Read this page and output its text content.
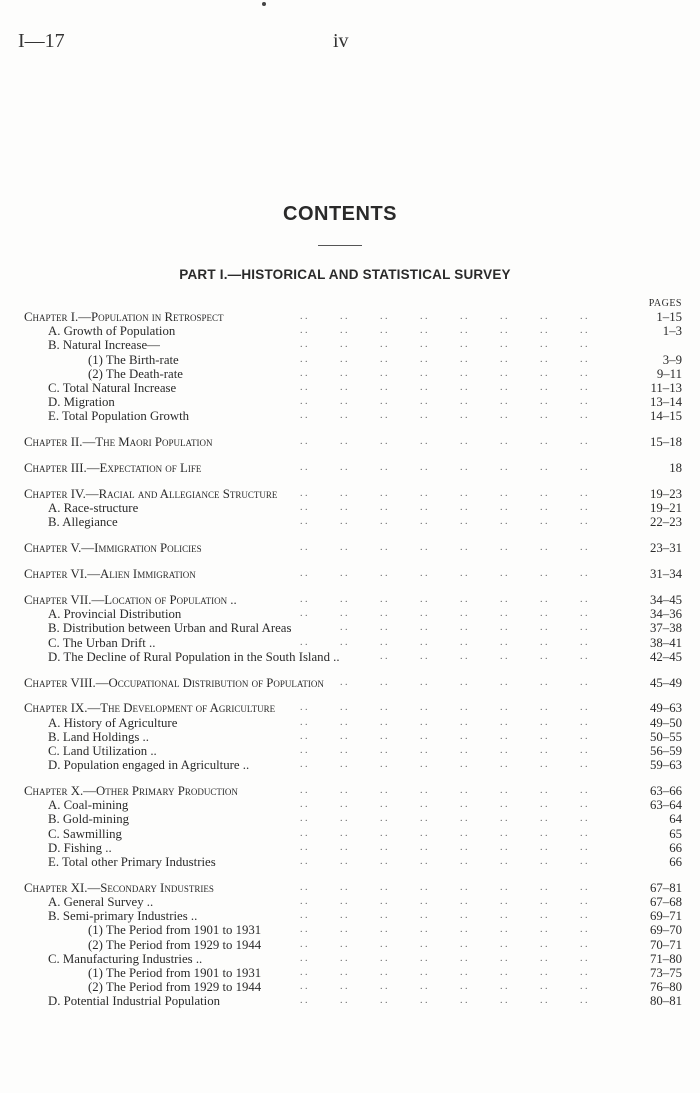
I—17	iv
CONTENTS
PART I.—HISTORICAL AND STATISTICAL SURVEY
PAGES
Chapter I.—Population in Retrospect	1–15
. .	. .	. .	. .	. .	. .	. .	. .
A. Growth of Population	1–3
. .	. .	. .	. .	. .	. .	. .	. .
B. Natural Increase—	. .	. .	. .	. .	. .	. .	. .	. .
(1) The Birth-rate	3–9
. .	. .	. .	. .	. .	. .	. .	. .
(2) The Death-rate	9–11
. .	. .	. .	. .	. .	. .	. .	. .
C. Total Natural Increase	11–13
. .	. .	. .	. .	. .	. .	. .	. .
D. Migration	13–14
. .	. .	. .	. .	. .	. .	. .	. .
E. Total Population Growth	14–15
. .	. .	. .	. .	. .	. .	. .	. .
Chapter II.—The Maori Population	15–18
. .	. .	. .	. .	. .	. .	. .	. .
Chapter III.—Expectation of Life	18
. .	. .	. .	. .	. .	. .	. .	. .
Chapter IV.—Racial and Allegiance Structure	19–23
. .	. .	. .	. .	. .	. .	. .	. .
A. Race-structure	19–21
. .	. .	. .	. .	. .	. .	. .	. .
B. Allegiance	22–23
. .	. .	. .	. .	. .	. .	. .	. .
Chapter V.—Immigration Policies	23–31
. .	. .	. .	. .	. .	. .	. .	. .
Chapter VI.—Alien Immigration	31–34
. .	. .	. .	. .	. .	. .	. .	. .
Chapter VII.—Location of Population ..	34–45
. .	. .	. .	. .	. .	. .	. .	. .
A. Provincial Distribution	34–36
. .	. .	. .	. .	. .	. .	. .	. .
B. Distribution between Urban and Rural Areas	37–38
. .	. .	. .	. .	. .	. .	. .
C. The Urban Drift ..	38–41
. .	. .	. .	. .	. .	. .	. .	. .
D. The Decline of Rural Population in the South Island ..	42–45
. .	. .	. .	. .	. .	. .
Chapter VIII.—Occupational Distribution of Population	45–49
. .	. .	. .	. .	. .	. .	. .
Chapter IX.—The Development of Agriculture	49–63
. .	. .	. .	. .	. .	. .	. .	. .
A. History of Agriculture	49–50
. .	. .	. .	. .	. .	. .	. .	. .
B. Land Holdings ..	50–55
. .	. .	. .	. .	. .	. .	. .	. .
C. Land Utilization ..	56–59
. .	. .	. .	. .	. .	. .	. .	. .
D. Population engaged in Agriculture ..	59–63
. .	. .	. .	. .	. .	. .	. .	. .
Chapter X.—Other Primary Production	63–66
. .	. .	. .	. .	. .	. .	. .	. .
A. Coal-mining	63–64
. .	. .	. .	. .	. .	. .	. .	. .
B. Gold-mining	64
. .	. .	. .	. .	. .	. .	. .	. .
C. Sawmilling	65
. .	. .	. .	. .	. .	. .	. .	. .
D. Fishing ..	66
. .	. .	. .	. .	. .	. .	. .	. .
E. Total other Primary Industries	66
. .	. .	. .	. .	. .	. .	. .	. .
Chapter XI.—Secondary Industries	67–81
. .	. .	. .	. .	. .	. .	. .	. .
A. General Survey ..	67–68
. .	. .	. .	. .	. .	. .	. .	. .
B. Semi-primary Industries ..	69–71
. .	. .	. .	. .	. .	. .	. .	. .
(1) The Period from 1901 to 1931	69–70
. .	. .	. .	. .	. .	. .	. .	. .
(2) The Period from 1929 to 1944	70–71
. .	. .	. .	. .	. .	. .	. .	. .
C. Manufacturing Industries ..	71–80
. .	. .	. .	. .	. .	. .	. .	. .
(1) The Period from 1901 to 1931	73–75
. .	. .	. .	. .	. .	. .	. .	. .
(2) The Period from 1929 to 1944	76–80
. .	. .	. .	. .	. .	. .	. .	. .
D. Potential Industrial Population	80–81
. .	. .	. .	. .	. .	. .	. .	. .
